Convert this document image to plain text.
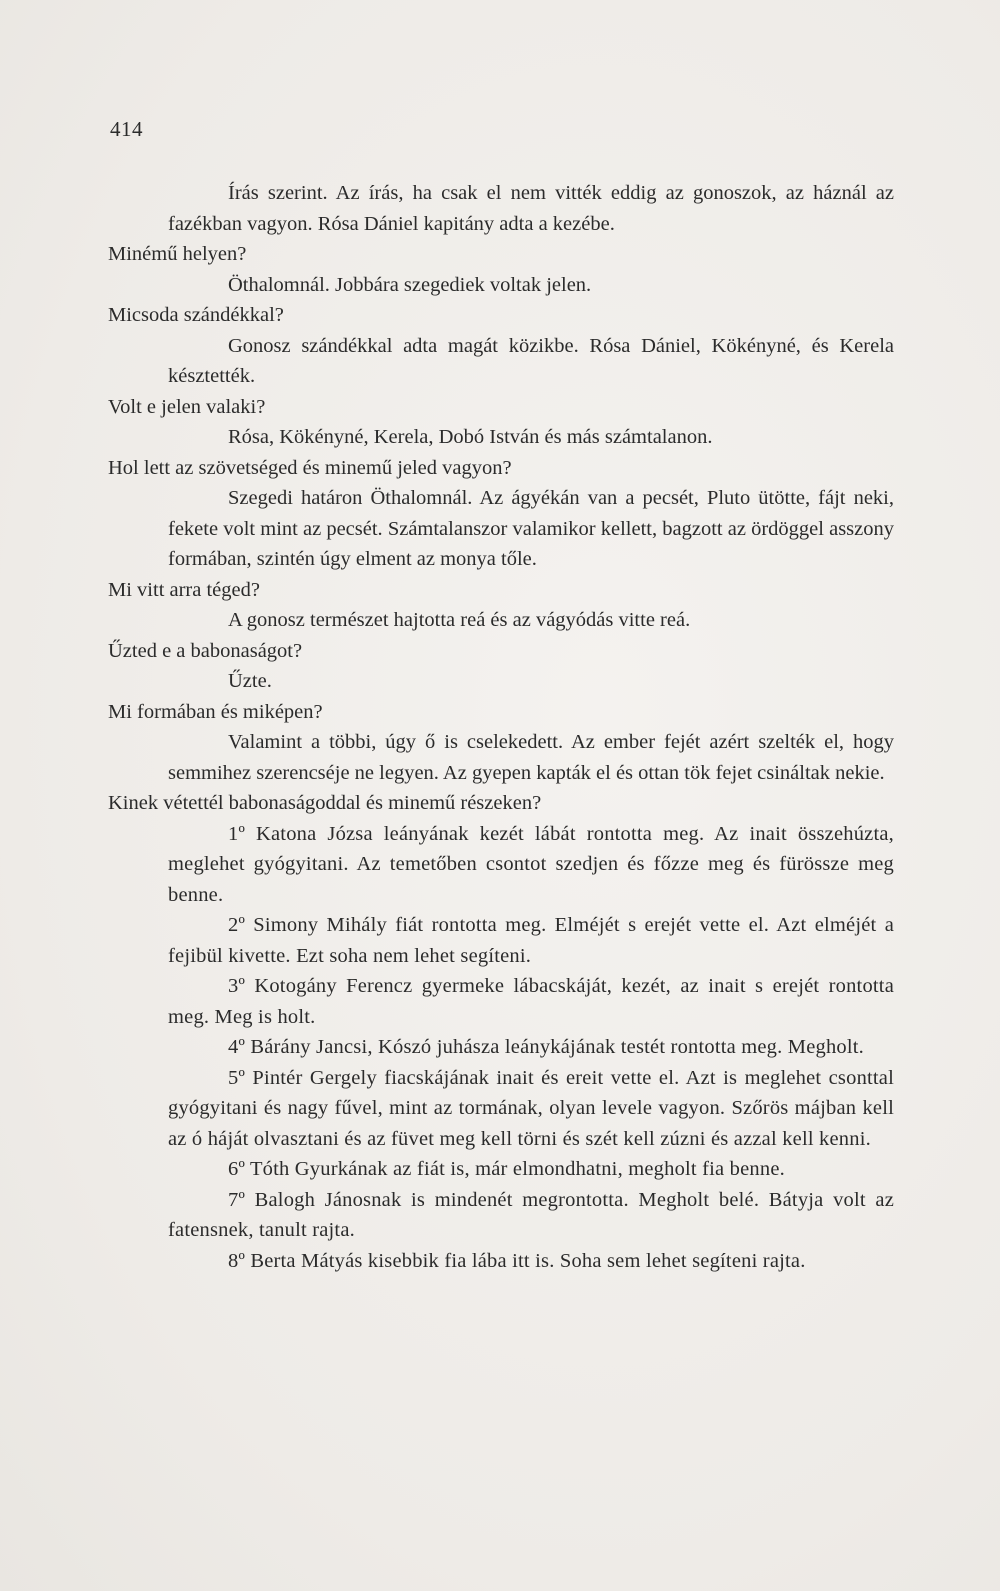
414

Írás szerint. Az írás, ha csak el nem vitték eddig az gonoszok, az háznál az fazékban vagyon. Rósa Dániel kapitány adta a kezébe.

Minémű helyen?

Öthalomnál. Jobbára szegediek voltak jelen.

Micsoda szándékkal?

Gonosz szándékkal adta magát közikbe. Rósa Dániel, Kökényné, és Kerela késztették.

Volt e jelen valaki?

Rósa, Kökényné, Kerela, Dobó István és más számtalanon.

Hol lett az szövetséged és minemű jeled vagyon?

Szegedi határon Öthalomnál. Az ágyékán van a pecsét, Pluto ütötte, fájt neki, fekete volt mint az pecsét. Számtalanszor valamikor kellett, bagzott az ördöggel asszony formában, szintén úgy elment az monya tőle.

Mi vitt arra téged?

A gonosz természet hajtotta reá és az vágyódás vitte reá.

Űzted e a babonaságot?

Űzte.

Mi formában és miképen?

Valamint a többi, úgy ő is cselekedett. Az ember fejét azért szelték el, hogy semmihez szerencséje ne legyen. Az gyepen kapták el és ottan tök fejet csináltak nekie.

Kinek vétettél babonaságoddal és minemű részeken?

1º Katona Józsa leányának kezét lábát rontotta meg. Az inait összehúzta, meglehet gyógyitani. Az temetőben csontot szedjen és főzze meg és fürössze meg benne.

2º Simony Mihály fiát rontotta meg. Elméjét s erejét vette el. Azt elméjét a fejibül kivette. Ezt soha nem lehet segíteni.

3º Kotogány Ferencz gyermeke lábacskáját, kezét, az inait s erejét rontotta meg. Meg is holt.

4º Bárány Jancsi, Kószó juhásza leánykájának testét rontotta meg. Megholt.

5º Pintér Gergely fiacskájának inait és ereit vette el. Azt is meglehet csonttal gyógyitani és nagy fűvel, mint az tormának, olyan levele vagyon. Szőrös májban kell az ó háját olvasztani és az füvet meg kell törni és szét kell zúzni és azzal kell kenni.

6º Tóth Gyurkának az fiát is, már elmondhatni, megholt fia benne.

7º Balogh Jánosnak is mindenét megrontotta. Megholt belé. Bátyja volt az fatensnek, tanult rajta.

8º Berta Mátyás kisebbik fia lába itt is. Soha sem lehet segíteni rajta.
